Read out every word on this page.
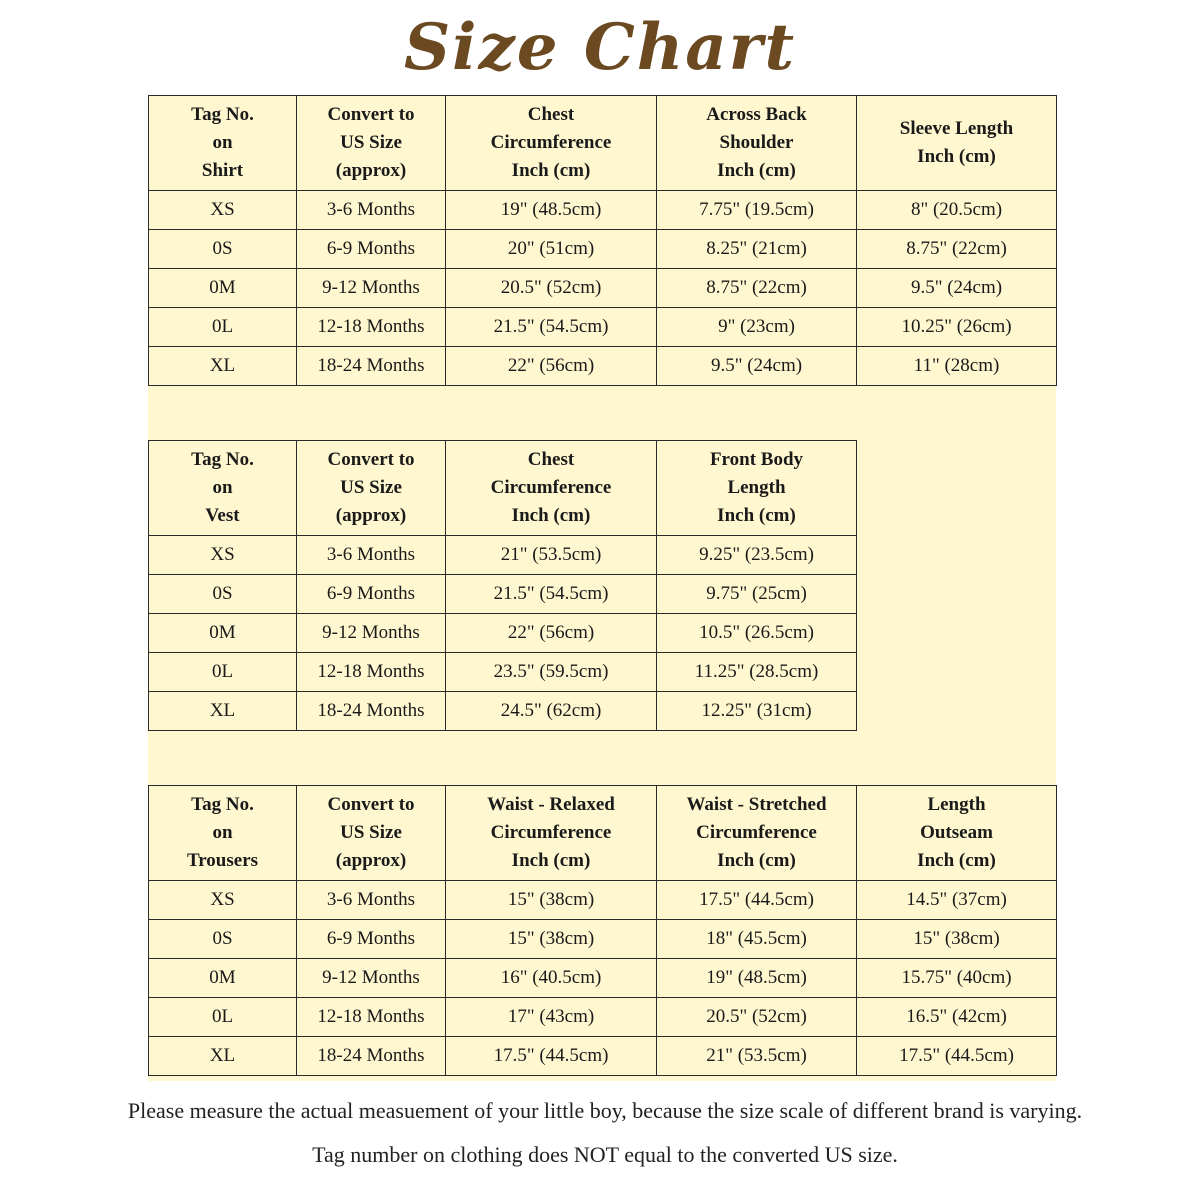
Size Chart
Tag No.
on
Shirt	Convert to
US Size
(approx)	Chest
Circumference
Inch (cm)	Across Back
Shoulder
Inch (cm)	Sleeve Length
Inch (cm)

XS	3-6 Months	19" (48.5cm)	7.75" (19.5cm)	8" (20.5cm)
0S	6-9 Months	20" (51cm)	8.25" (21cm)	8.75" (22cm)
0M	9-12 Months	20.5" (52cm)	8.75" (22cm)	9.5" (24cm)
0L	12-18 Months	21.5" (54.5cm)	9" (23cm)	10.25" (26cm)
XL	18-24 Months	22" (56cm)	9.5" (24cm)	11" (28cm)
Tag No.
on
Vest	Convert to
US Size
(approx)	Chest
Circumference
Inch (cm)	Front Body
Length
Inch (cm)

XS	3-6 Months	21" (53.5cm)	9.25" (23.5cm)
0S	6-9 Months	21.5" (54.5cm)	9.75" (25cm)
0M	9-12 Months	22" (56cm)	10.5" (26.5cm)
0L	12-18 Months	23.5" (59.5cm)	11.25" (28.5cm)
XL	18-24 Months	24.5" (62cm)	12.25" (31cm)
Tag No.
on
Trousers	Convert to
US Size
(approx)	Waist - Relaxed
Circumference
Inch (cm)	Waist - Stretched
Circumference
Inch (cm)	Length
Outseam
Inch (cm)

XS	3-6 Months	15" (38cm)	17.5" (44.5cm)	14.5" (37cm)
0S	6-9 Months	15" (38cm)	18" (45.5cm)	15" (38cm)
0M	9-12 Months	16" (40.5cm)	19" (48.5cm)	15.75" (40cm)
0L	12-18 Months	17" (43cm)	20.5" (52cm)	16.5" (42cm)
XL	18-24 Months	17.5" (44.5cm)	21" (53.5cm)	17.5" (44.5cm)
Please measure the actual measuement of your little boy, because the size scale of different brand is varying.
Tag number on clothing does NOT equal to the converted US size.
